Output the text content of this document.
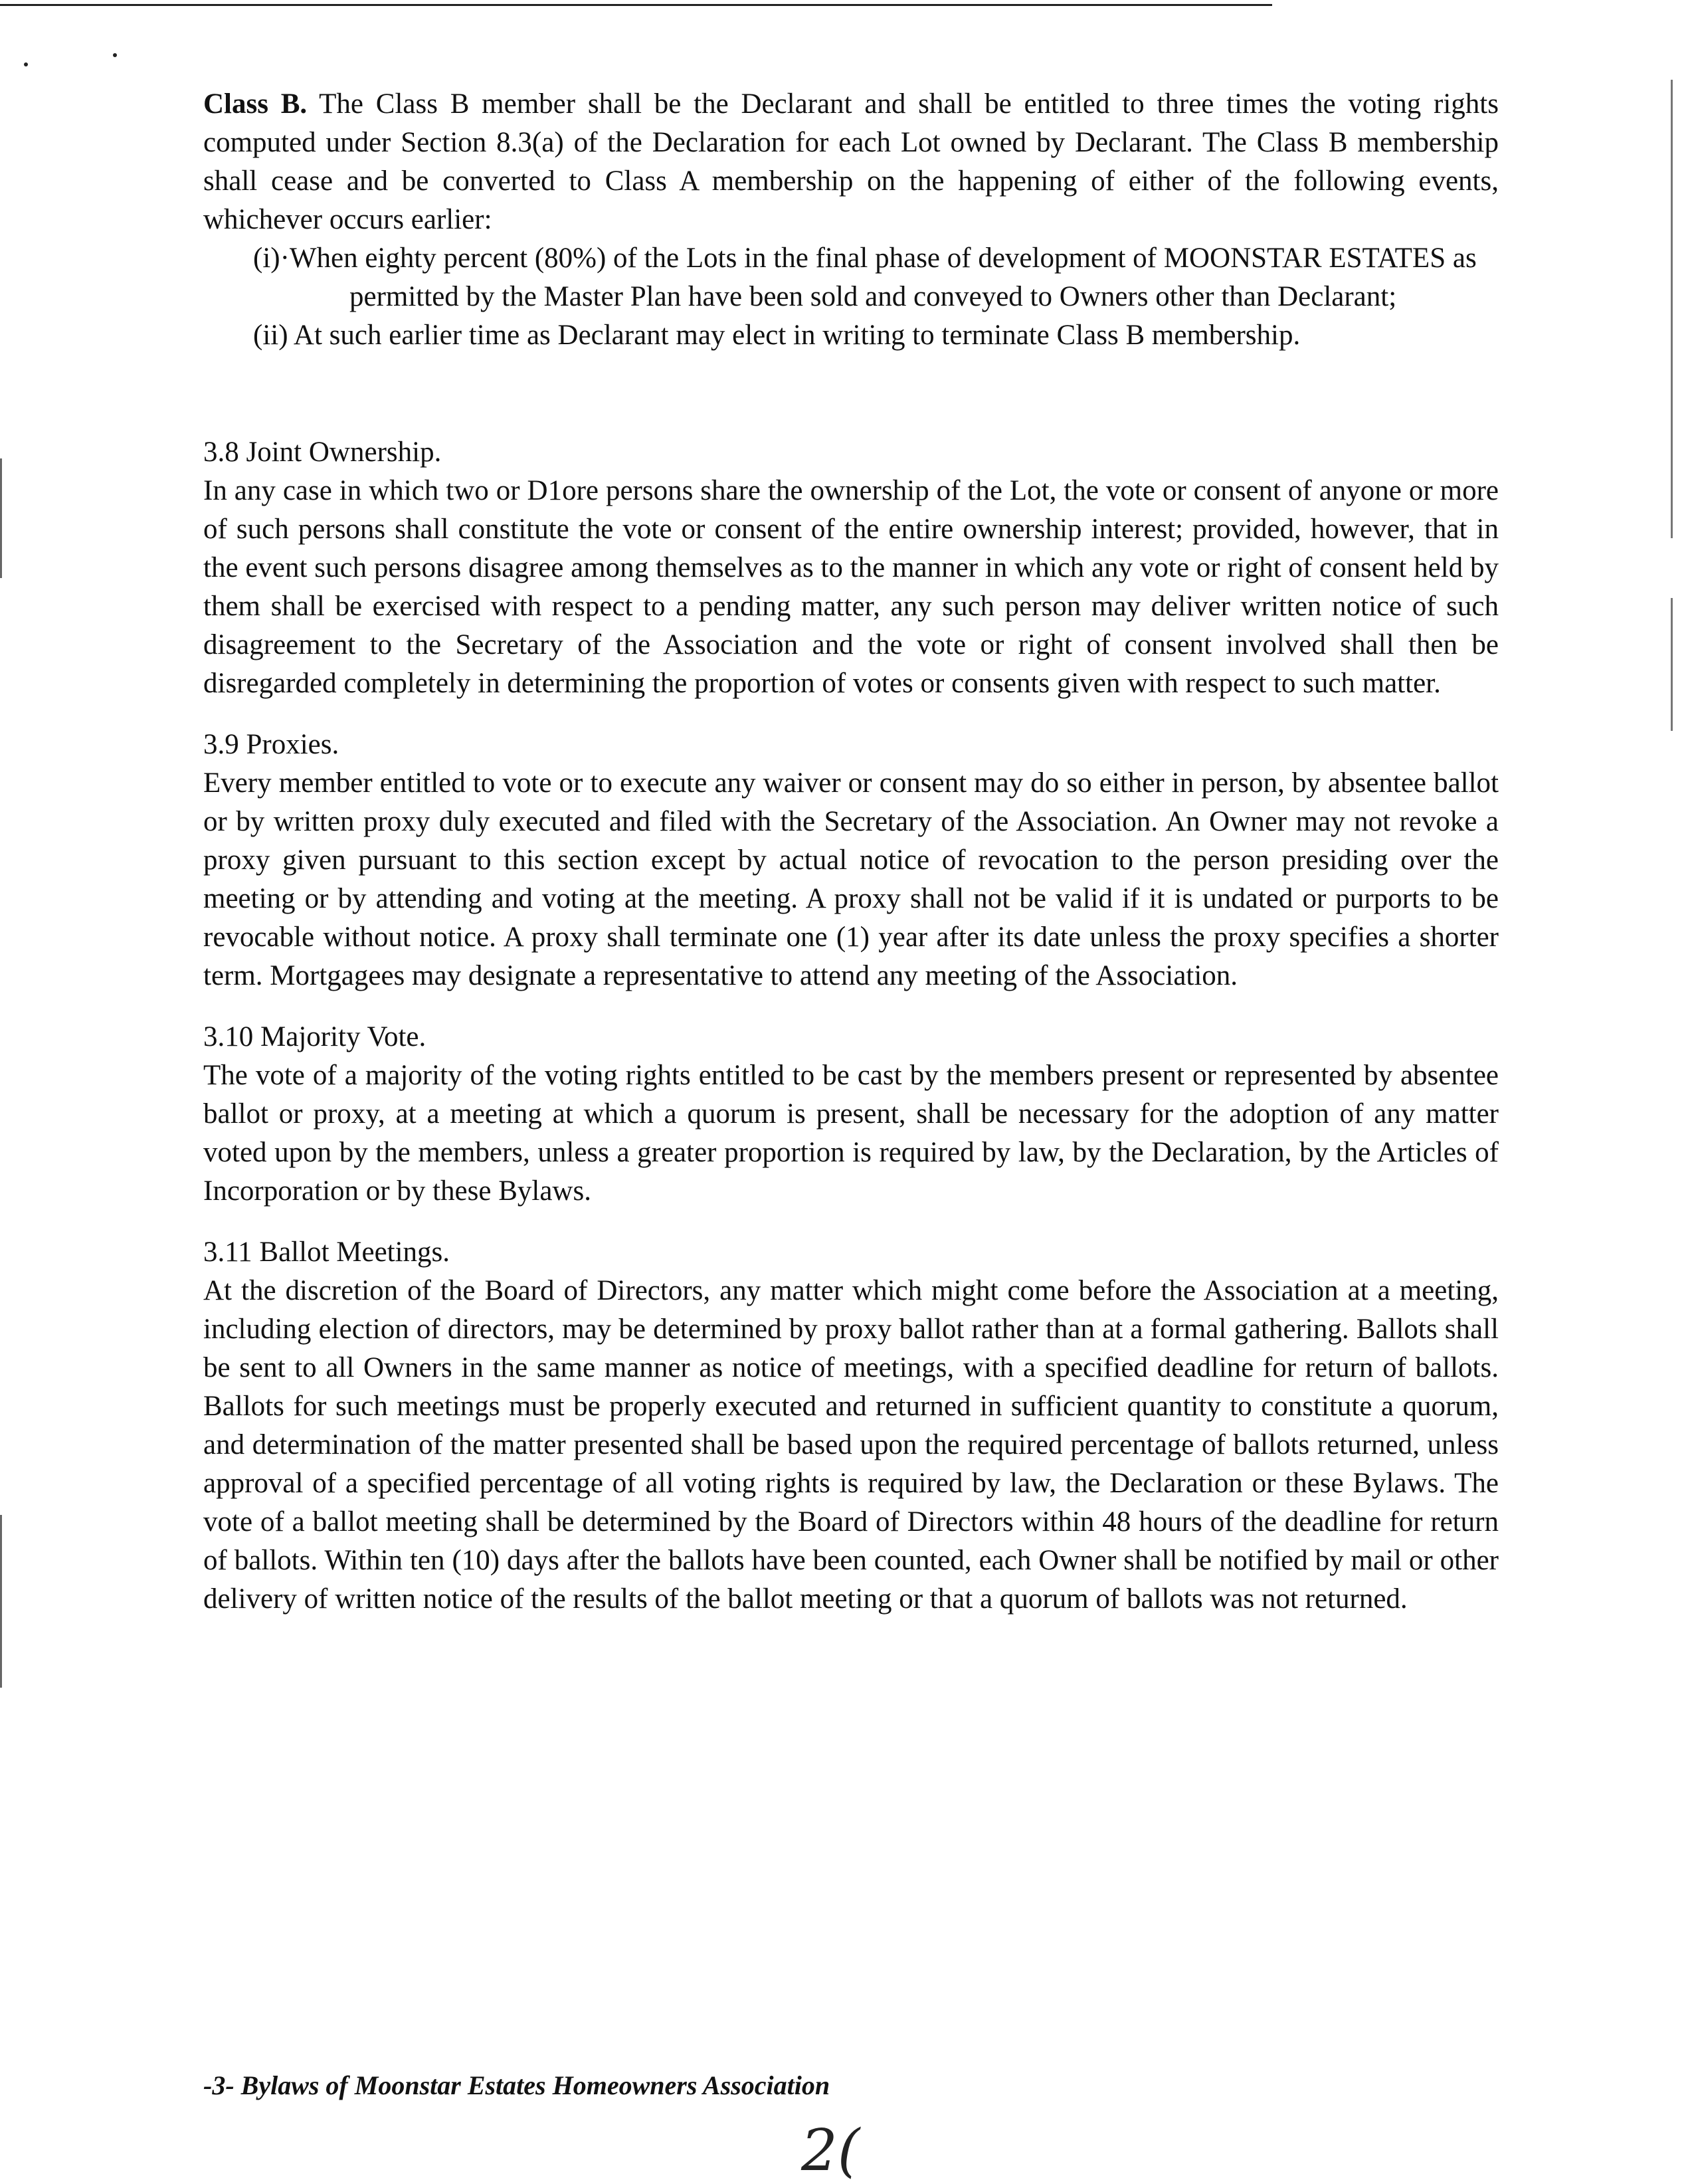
Class B. The Class B member shall be the Declarant and shall be entitled to three times the voting rights computed under Section 8.3(a) of the Declaration for each Lot owned by Declarant. The Class B membership shall cease and be converted to Class A membership on the happening of either of the following events, whichever occurs earlier:

(i)·When eighty percent (80%) of the Lots in the final phase of development of MOONSTAR ESTATES as permitted by the Master Plan have been sold and conveyed to Owners other than Declarant;
(ii) At such earlier time as Declarant may elect in writing to terminate Class B membership.
3.8 Joint Ownership.

In any case in which two or D1ore persons share the ownership of the Lot, the vote or consent of anyone or more of such persons shall constitute the vote or consent of the entire ownership interest; provided, however, that in the event such persons disagree among themselves as to the manner in which any vote or right of consent held by them shall be exercised with respect to a pending matter, any such person may deliver written notice of such disagreement to the Secretary of the Association and the vote or right of consent involved shall then be disregarded completely in determining the proportion of votes or consents given with respect to such matter.

3.9 Proxies.

Every member entitled to vote or to execute any waiver or consent may do so either in person, by absentee ballot or by written proxy duly executed and filed with the Secretary of the Association. An Owner may not revoke a proxy given pursuant to this section except by actual notice of revocation to the person presiding over the meeting or by attending and voting at the meeting. A proxy shall not be valid if it is undated or purports to be revocable without notice. A proxy shall terminate one (1) year after its date unless the proxy specifies a shorter term. Mortgagees may designate a representative to attend any meeting of the Association.

3.10 Majority Vote.

The vote of a majority of the voting rights entitled to be cast by the members present or represented by absentee ballot or proxy, at a meeting at which a quorum is present, shall be necessary for the adoption of any matter voted upon by the members, unless a greater proportion is required by law, by the Declaration, by the Articles of Incorporation or by these Bylaws.

3.11 Ballot Meetings.

At the discretion of the Board of Directors, any matter which might come before the Association at a meeting, including election of directors, may be determined by proxy ballot rather than at a formal gathering. Ballots shall be sent to all Owners in the same manner as notice of meetings, with a specified deadline for return of ballots. Ballots for such meetings must be properly executed and returned in sufficient quantity to constitute a quorum, and determination of the matter presented shall be based upon the required percentage of ballots returned, unless approval of a specified percentage of all voting rights is required by law, the Declaration or these Bylaws. The vote of a ballot meeting shall be determined by the Board of Directors within 48 hours of the deadline for return of ballots. Within ten (10) days after the ballots have been counted, each Owner shall be notified by mail or other delivery of written notice of the results of the ballot meeting or that a quorum of ballots was not returned.

-3- Bylaws of Moonstar Estates Homeowners Association
2(
